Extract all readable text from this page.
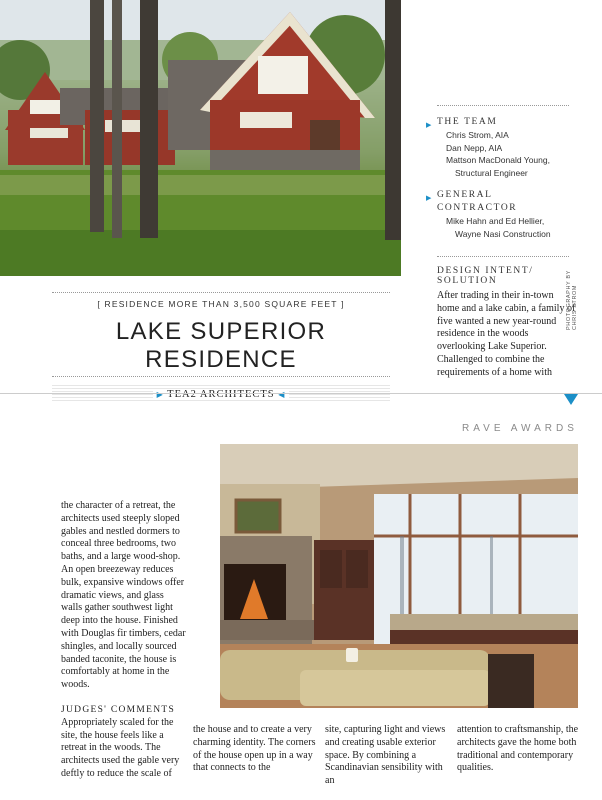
▶ THE TEAM
Chris Strom, AIA
Dan Nepp, AIA
Mattson MacDonald Young,
Structural Engineer
▶ GENERAL
CONTRACTOR
Mike Hahn and Ed Hellier,
Wayne Nasi Construction
DESIGN INTENT/
SOLUTION

After trading in their in-town home and a lake cabin, a family of five wanted a new year-round residence in the woods overlooking Lake Superior. Challenged to combine the requirements of a home with

PHOTOGRAPHY BY CHRIS STROM
[ RESIDENCE MORE THAN 3,500 SQUARE FEET ]
LAKE SUPERIOR RESIDENCE
▶ TEA2 ARCHITECTS ◀
RAVE AWARDS

the character of a retreat, the architects used steeply sloped gables and nestled dormers to conceal three bedrooms, two baths, and a large wood-shop. An open breezeway reduces bulk, expansive windows offer dramatic views, and glass walls gather southwest light deep into the house. Finished with Douglas fir timbers, cedar shingles, and locally sourced banded taconite, the house is comfortably at home in the woods.

JUDGES' COMMENTS

Appropriately scaled for the site, the house feels like a retreat in the woods. The architects used the gable very deftly to reduce the scale of

the house and to create a very charming identity. The corners of the house open up in a way that connects to the
site, capturing light and views and creating usable exterior space. By combining a Scandinavian sensibility with an
attention to craftsmanship, the architects gave the home both traditional and contemporary qualities.
